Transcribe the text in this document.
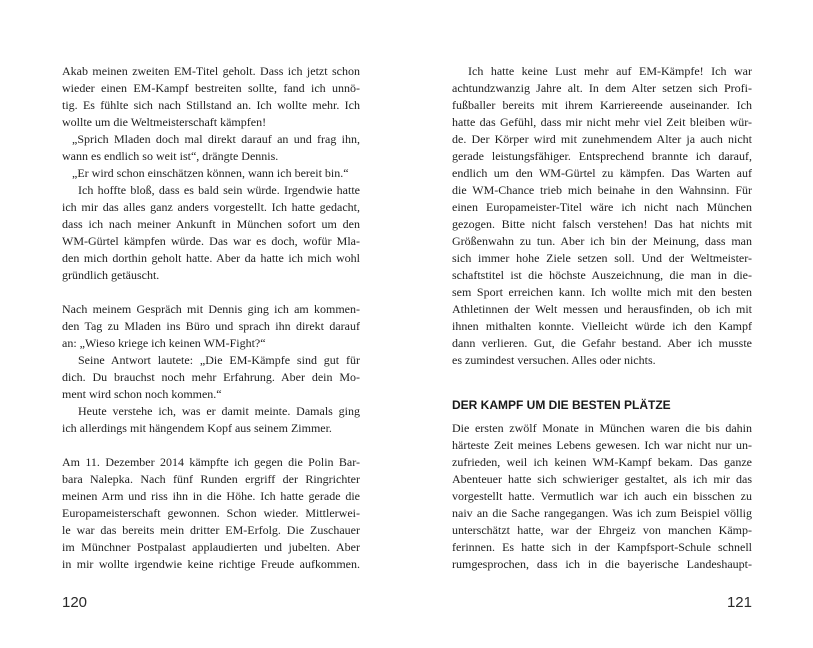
Akab meinen zweiten EM-Titel geholt. Dass ich jetzt schon
wieder einen EM-Kampf bestreiten sollte, fand ich unnö-
tig. Es fühlte sich nach Stillstand an. Ich wollte mehr. Ich
wollte um die Weltmeisterschaft kämpfen!
„Sprich Mladen doch mal direkt darauf an und frag ihn,
wann es endlich so weit ist“, drängte Dennis.
„Er wird schon einschätzen können, wann ich bereit bin.“
Ich hoffte bloß, dass es bald sein würde. Irgendwie hatte
ich mir das alles ganz anders vorgestellt. Ich hatte gedacht,
dass ich nach meiner Ankunft in München sofort um den
WM-Gürtel kämpfen würde. Das war es doch, wofür Mla-
den mich dorthin geholt hatte. Aber da hatte ich mich wohl
gründlich getäuscht.
Nach meinem Gespräch mit Dennis ging ich am kommen-
den Tag zu Mladen ins Büro und sprach ihn direkt darauf
an: „Wieso kriege ich keinen WM-Fight?“
Seine Antwort lautete: „Die EM-Kämpfe sind gut für
dich. Du brauchst noch mehr Erfahrung. Aber dein Mo-
ment wird schon noch kommen.“
Heute verstehe ich, was er damit meinte. Damals ging
ich allerdings mit hängendem Kopf aus seinem Zimmer.
Am 11. Dezember 2014 kämpfte ich gegen die Polin Bar-
bara Nalepka. Nach fünf Runden ergriff der Ringrichter
meinen Arm und riss ihn in die Höhe. Ich hatte gerade die
Europameisterschaft gewonnen. Schon wieder. Mittlerwei-
le war das bereits mein dritter EM-Erfolg. Die Zuschauer
im Münchner Postpalast applaudierten und jubelten. Aber
in mir wollte irgendwie keine richtige Freude aufkommen.
120
Ich hatte keine Lust mehr auf EM-Kämpfe! Ich war
achtundzwanzig Jahre alt. In dem Alter setzen sich Profi-
fußballer bereits mit ihrem Karriereende auseinander. Ich
hatte das Gefühl, dass mir nicht mehr viel Zeit bleiben wür-
de. Der Körper wird mit zunehmendem Alter ja auch nicht
gerade leistungsfähiger. Entsprechend brannte ich darauf,
endlich um den WM-Gürtel zu kämpfen. Das Warten auf
die WM-Chance trieb mich beinahe in den Wahnsinn. Für
einen Europameister-Titel wäre ich nicht nach München
gezogen. Bitte nicht falsch verstehen! Das hat nichts mit
Größenwahn zu tun. Aber ich bin der Meinung, dass man
sich immer hohe Ziele setzen soll. Und der Weltmeister-
schaftstitel ist die höchste Auszeichnung, die man in die-
sem Sport erreichen kann. Ich wollte mich mit den besten
Athletinnen der Welt messen und herausfinden, ob ich mit
ihnen mithalten konnte. Vielleicht würde ich den Kampf
dann verlieren. Gut, die Gefahr bestand. Aber ich musste
es zumindest versuchen. Alles oder nichts.
DER KAMPF UM DIE BESTEN PLÄTZE
Die ersten zwölf Monate in München waren die bis dahin
härteste Zeit meines Lebens gewesen. Ich war nicht nur un-
zufrieden, weil ich keinen WM-Kampf bekam. Das ganze
Abenteuer hatte sich schwieriger gestaltet, als ich mir das
vorgestellt hatte. Vermutlich war ich auch ein bisschen zu
naiv an die Sache rangegangen. Was ich zum Beispiel völlig
unterschätzt hatte, war der Ehrgeiz von manchen Kämp-
ferinnen. Es hatte sich in der Kampfsport-Schule schnell
rumgesprochen, dass ich in die bayerische Landeshaupt-
121
